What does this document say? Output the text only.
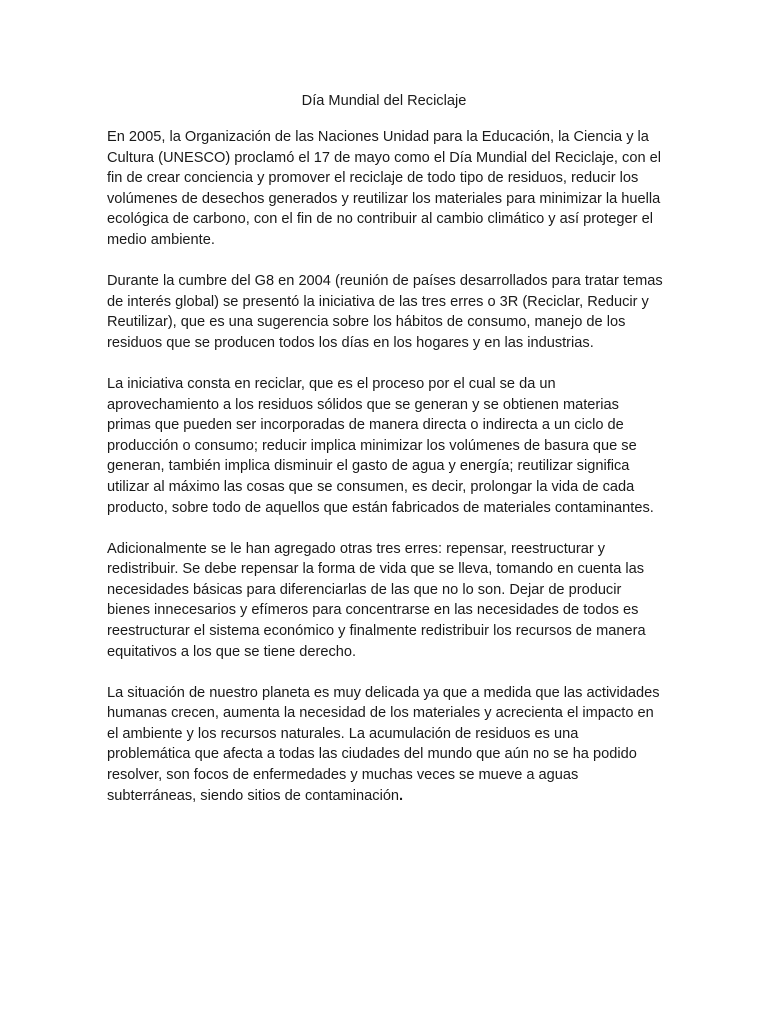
Día Mundial del Reciclaje

En 2005, la Organización de las Naciones Unidad para la Educación, la Ciencia y la Cultura (UNESCO) proclamó el 17 de mayo como el Día Mundial del Reciclaje, con el fin de crear conciencia y promover el reciclaje de todo tipo de residuos, reducir los volúmenes de desechos generados y reutilizar los materiales para minimizar la huella ecológica de carbono, con el fin de no contribuir al cambio climático y así proteger el medio ambiente.

Durante la cumbre del G8 en 2004 (reunión de países desarrollados para tratar temas de interés global) se presentó la iniciativa de las tres erres o 3R (Reciclar, Reducir y Reutilizar), que es una sugerencia sobre los hábitos de consumo, manejo de los residuos que se producen todos los días en los hogares y en las industrias.

La iniciativa consta en reciclar, que es el proceso por el cual se da un aprovechamiento a los residuos sólidos que se generan y se obtienen materias primas que pueden ser incorporadas de manera directa o indirecta a un ciclo de producción o consumo; reducir implica minimizar los volúmenes de basura que se generan, también implica disminuir el gasto de agua y energía; reutilizar significa utilizar al máximo las cosas que se consumen, es decir, prolongar la vida de cada producto, sobre todo de aquellos que están fabricados de materiales contaminantes.

Adicionalmente se le han agregado otras tres erres: repensar, reestructurar y redistribuir. Se debe repensar la forma de vida que se lleva, tomando en cuenta las necesidades básicas para diferenciarlas de las que no lo son. Dejar de producir bienes innecesarios y efímeros para concentrarse en las necesidades de todos es reestructurar el sistema económico y finalmente redistribuir los recursos de manera equitativos a los que se tiene derecho.

La situación de nuestro planeta es muy delicada ya que a medida que las actividades humanas crecen, aumenta la necesidad de los materiales y acrecienta el impacto en el ambiente y los recursos naturales. La acumulación de residuos es una problemática que afecta a todas las ciudades del mundo que aún no se ha podido resolver, son focos de enfermedades y muchas veces se mueve a aguas subterráneas, siendo sitios de contaminación.
